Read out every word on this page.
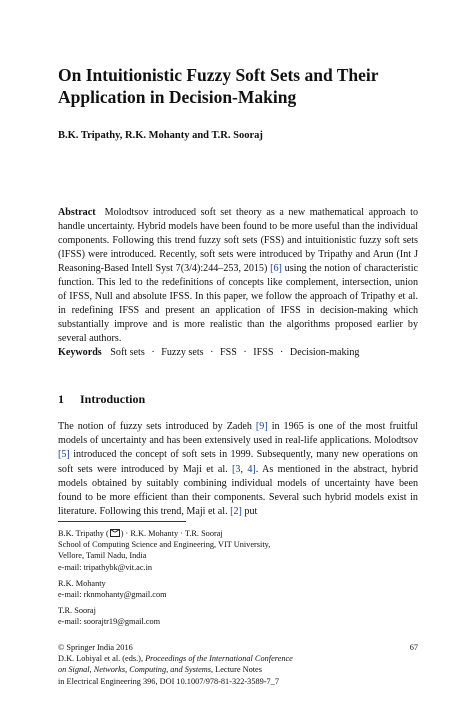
On Intuitionistic Fuzzy Soft Sets and Their
Application in Decision-Making
B.K. Tripathy, R.K. Mohanty and T.R. Sooraj
Abstract Molodtsov introduced soft set theory as a new mathematical approach to handle uncertainty. Hybrid models have been found to be more useful than the individual components. Following this trend fuzzy soft sets (FSS) and intuitionistic fuzzy soft sets (IFSS) were introduced. Recently, soft sets were introduced by Tripathy and Arun (Int J Reasoning-Based Intell Syst 7(3/4):244–253, 2015) [6] using the notion of characteristic function. This led to the redefinitions of concepts like complement, intersection, union of IFSS, Null and absolute IFSS. In this paper, we follow the approach of Tripathy et al. in redefining IFSS and present an application of IFSS in decision-making which substantially improve and is more realistic than the algorithms proposed earlier by several authors.
Keywords Soft sets · Fuzzy sets · FSS · IFSS · Decision-making
1 Introduction
The notion of fuzzy sets introduced by Zadeh [9] in 1965 is one of the most fruitful models of uncertainty and has been extensively used in real-life applications. Molodtsov [5] introduced the concept of soft sets in 1999. Subsequently, many new operations on soft sets were introduced by Maji et al. [3, 4]. As mentioned in the abstract, hybrid models obtained by suitably combining individual models of uncertainty have been found to be more efficient than their components. Several such hybrid models exist in literature. Following this trend, Maji et al. [2] put
B.K. Tripathy ( ) · R.K. Mohanty · T.R. Sooraj
School of Computing Science and Engineering, VIT University,
Vellore, Tamil Nadu, India
e-mail: tripathybk@vit.ac.in
R.K. Mohanty
e-mail: rknmohanty@gmail.com
T.R. Sooraj
e-mail: soorajtr19@gmail.com
© Springer India 2016	67
D.K. Lobiyal et al. (eds.), Proceedings of the International Conference
on Signal, Networks, Computing, and Systems, Lecture Notes
in Electrical Engineering 396, DOI 10.1007/978-81-322-3589-7_7
